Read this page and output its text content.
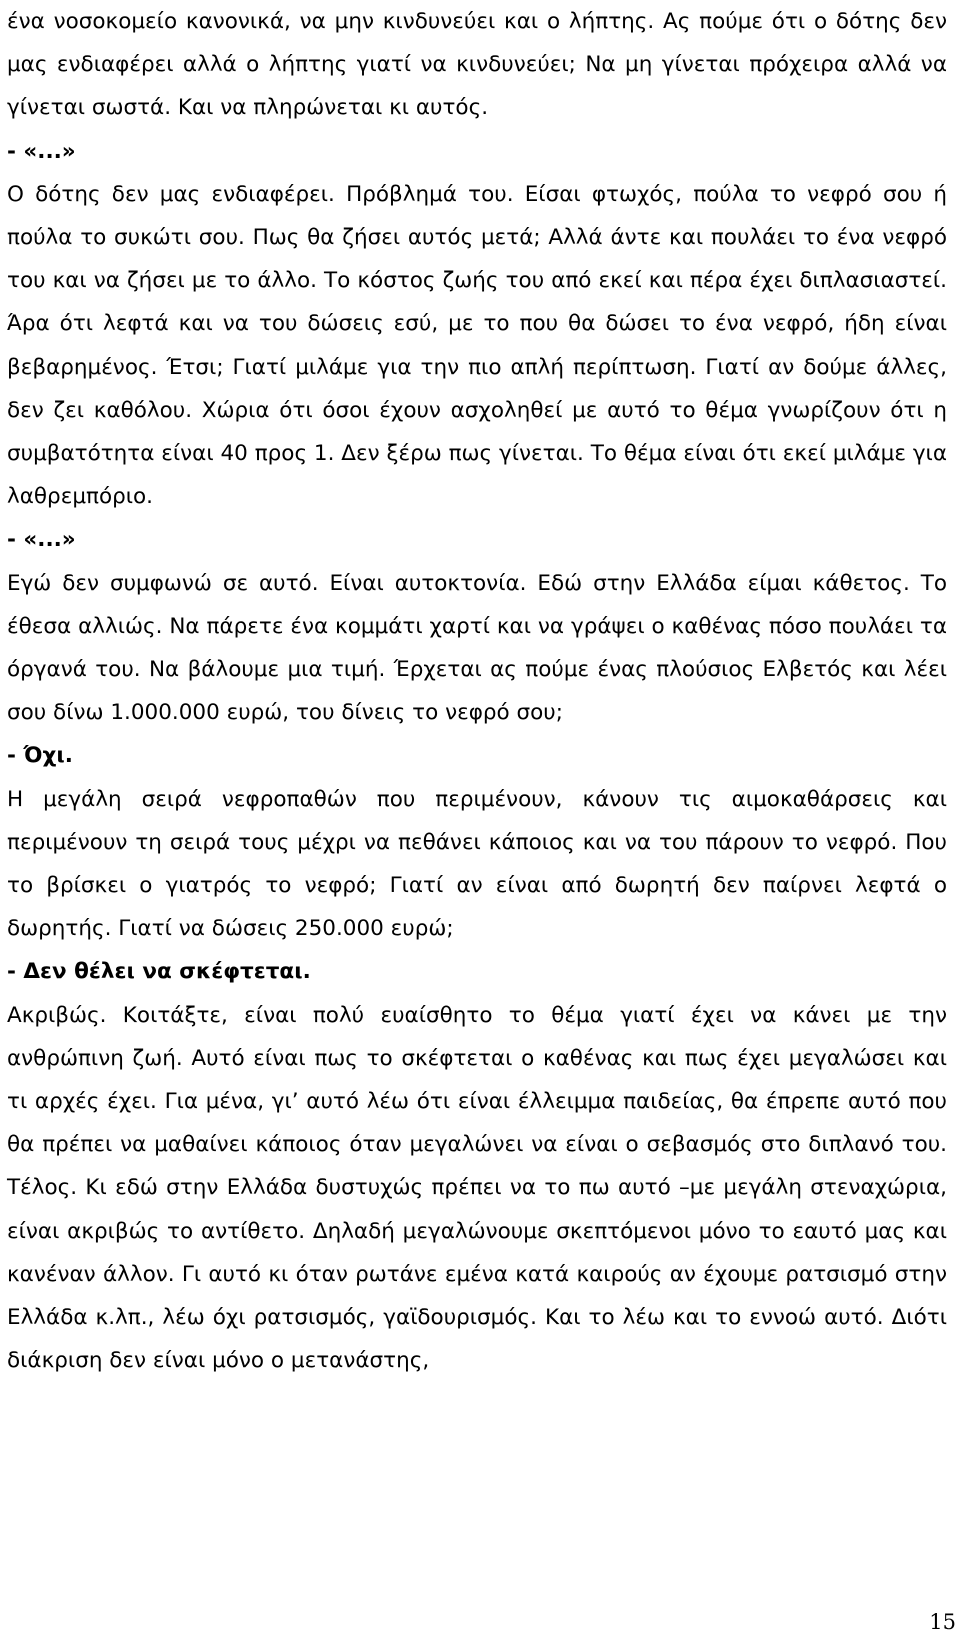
ένα νοσοκομείο κανονικά, να μην κινδυνεύει και ο λήπτης. Ας πούμε ότι ο δότης δεν μας ενδιαφέρει αλλά ο λήπτης γιατί να κινδυνεύει; Να μη γίνεται πρόχειρα αλλά να γίνεται σωστά. Και να πληρώνεται κι αυτός.

- «...»

Ο δότης δεν μας ενδιαφέρει. Πρόβλημά του. Είσαι φτωχός, πούλα το νεφρό σου ή πούλα το συκώτι σου. Πως θα ζήσει αυτός μετά; Αλλά άντε και πουλάει το ένα νεφρό του και να ζήσει με το άλλο. Το κόστος ζωής του από εκεί και πέρα έχει διπλασιαστεί. Άρα ότι λεφτά και να του δώσεις εσύ, με το που θα δώσει το ένα νεφρό, ήδη είναι βεβαρημένος. Έτσι; Γιατί μιλάμε για την πιο απλή περίπτωση. Γιατί αν δούμε άλλες, δεν ζει καθόλου. Χώρια ότι όσοι έχουν ασχοληθεί με αυτό το θέμα γνωρίζουν ότι η συμβατότητα είναι 40 προς 1. Δεν ξέρω πως γίνεται. Το θέμα είναι ότι εκεί μιλάμε για λαθρεμπόριο.

- «...»

Εγώ δεν συμφωνώ σε αυτό. Είναι αυτοκτονία. Εδώ στην Ελλάδα είμαι κάθετος. Το έθεσα αλλιώς. Να πάρετε ένα κομμάτι χαρτί και να γράψει ο καθένας πόσο πουλάει τα όργανά του. Να βάλουμε μια τιμή. Έρχεται ας πούμε ένας πλούσιος Ελβετός και λέει σου δίνω 1.000.000 ευρώ, του δίνεις το νεφρό σου;

- Όχι.

Η μεγάλη σειρά νεφροπαθών που περιμένουν, κάνουν τις αιμοκαθάρσεις και περιμένουν τη σειρά τους μέχρι να πεθάνει κάποιος και να του πάρουν το νεφρό. Που το βρίσκει ο γιατρός το νεφρό; Γιατί αν είναι από δωρητή δεν παίρνει λεφτά ο δωρητής. Γιατί να δώσεις 250.000 ευρώ;

- Δεν θέλει να σκέφτεται.

Ακριβώς. Κοιτάξτε, είναι πολύ ευαίσθητο το θέμα γιατί έχει να κάνει με την ανθρώπινη ζωή. Αυτό είναι πως το σκέφτεται ο καθένας και πως έχει μεγαλώσει και τι αρχές έχει. Για μένα, γι’ αυτό λέω ότι είναι έλλειμμα παιδείας, θα έπρεπε αυτό που θα πρέπει να μαθαίνει κάποιος όταν μεγαλώνει να είναι ο σεβασμός στο διπλανό του. Τέλος. Κι εδώ στην Ελλάδα δυστυχώς πρέπει να το πω αυτό –με μεγάλη στεναχώρια, είναι ακριβώς το αντίθετο. Δηλαδή μεγαλώνουμε σκεπτόμενοι μόνο το εαυτό μας και κανέναν άλλον. Γι αυτό κι όταν ρωτάνε εμένα κατά καιρούς αν έχουμε ρατσισμό στην Ελλάδα κ.λπ., λέω όχι ρατσισμός, γαϊδουρισμός. Και το λέω και το εννοώ αυτό. Διότι διάκριση δεν είναι μόνο ο μετανάστης,

15
